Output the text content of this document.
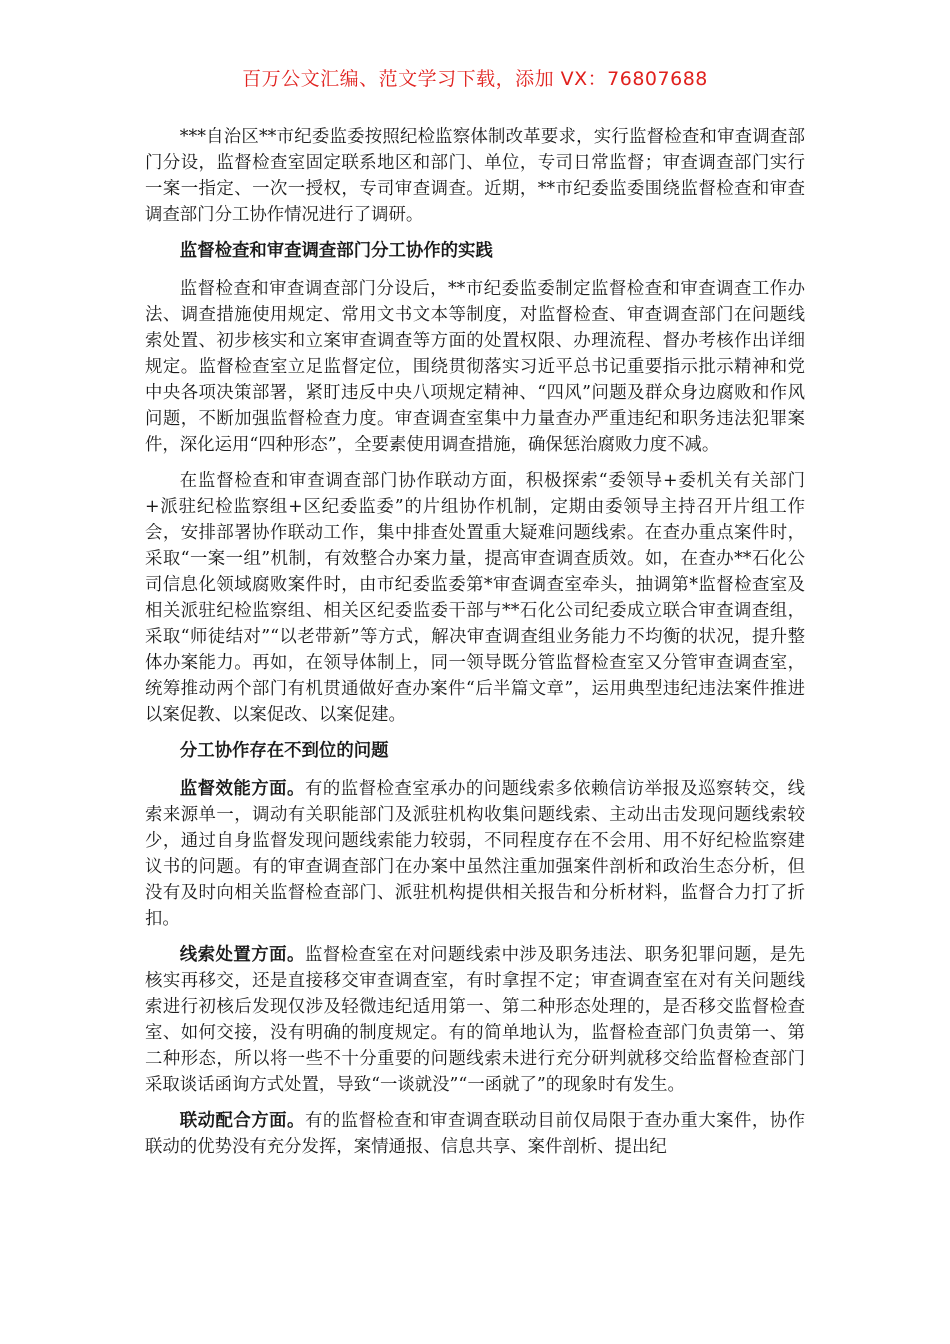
百万公文汇编、范文学习下载，添加 VX：76807688

***自治区**市纪委监委按照纪检监察体制改革要求，实行监督检查和审查调查部门分设，监督检查室固定联系地区和部门、单位，专司日常监督；审查调查部门实行一案一指定、一次一授权，专司审查调查。近期，**市纪委监委围绕监督检查和审查调查部门分工协作情况进行了调研。

监督检查和审查调查部门分工协作的实践

监督检查和审查调查部门分设后，**市纪委监委制定监督检查和审查调查工作办法、调查措施使用规定、常用文书文本等制度，对监督检查、审查调查部门在问题线索处置、初步核实和立案审查调查等方面的处置权限、办理流程、督办考核作出详细规定。监督检查室立足监督定位，围绕贯彻落实习近平总书记重要指示批示精神和党中央各项决策部署，紧盯违反中央八项规定精神、“四风”问题及群众身边腐败和作风问题，不断加强监督检查力度。审查调查室集中力量查办严重违纪和职务违法犯罪案件，深化运用“四种形态”，全要素使用调查措施，确保惩治腐败力度不减。

在监督检查和审查调查部门协作联动方面，积极探索“委领导+委机关有关部门+派驻纪检监察组+区纪委监委”的片组协作机制，定期由委领导主持召开片组工作会，安排部署协作联动工作，集中排查处置重大疑难问题线索。在查办重点案件时，采取“一案一组”机制，有效整合办案力量，提高审查调查质效。如，在查办**石化公司信息化领域腐败案件时，由市纪委监委第*审查调查室牵头，抽调第*监督检查室及相关派驻纪检监察组、相关区纪委监委干部与**石化公司纪委成立联合审查调查组，采取“师徒结对”“以老带新”等方式，解决审查调查组业务能力不均衡的状况，提升整体办案能力。再如，在领导体制上，同一领导既分管监督检查室又分管审查调查室，统筹推动两个部门有机贯通做好查办案件“后半篇文章”，运用典型违纪违法案件推进以案促教、以案促改、以案促建。

分工协作存在不到位的问题

监督效能方面。有的监督检查室承办的问题线索多依赖信访举报及巡察转交，线索来源单一，调动有关职能部门及派驻机构收集问题线索、主动出击发现问题线索较少，通过自身监督发现问题线索能力较弱，不同程度存在不会用、用不好纪检监察建议书的问题。有的审查调查部门在办案中虽然注重加强案件剖析和政治生态分析，但没有及时向相关监督检查部门、派驻机构提供相关报告和分析材料，监督合力打了折扣。

线索处置方面。监督检查室在对问题线索中涉及职务违法、职务犯罪问题，是先核实再移交，还是直接移交审查调查室，有时拿捏不定；审查调查室在对有关问题线索进行初核后发现仅涉及轻微违纪适用第一、第二种形态处理的，是否移交监督检查室、如何交接，没有明确的制度规定。有的简单地认为，监督检查部门负责第一、第二种形态，所以将一些不十分重要的问题线索未进行充分研判就移交给监督检查部门采取谈话函询方式处置，导致“一谈就没”“一函就了”的现象时有发生。

联动配合方面。有的监督检查和审查调查联动目前仅局限于查办重大案件，协作联动的优势没有充分发挥，案情通报、信息共享、案件剖析、提出纪
